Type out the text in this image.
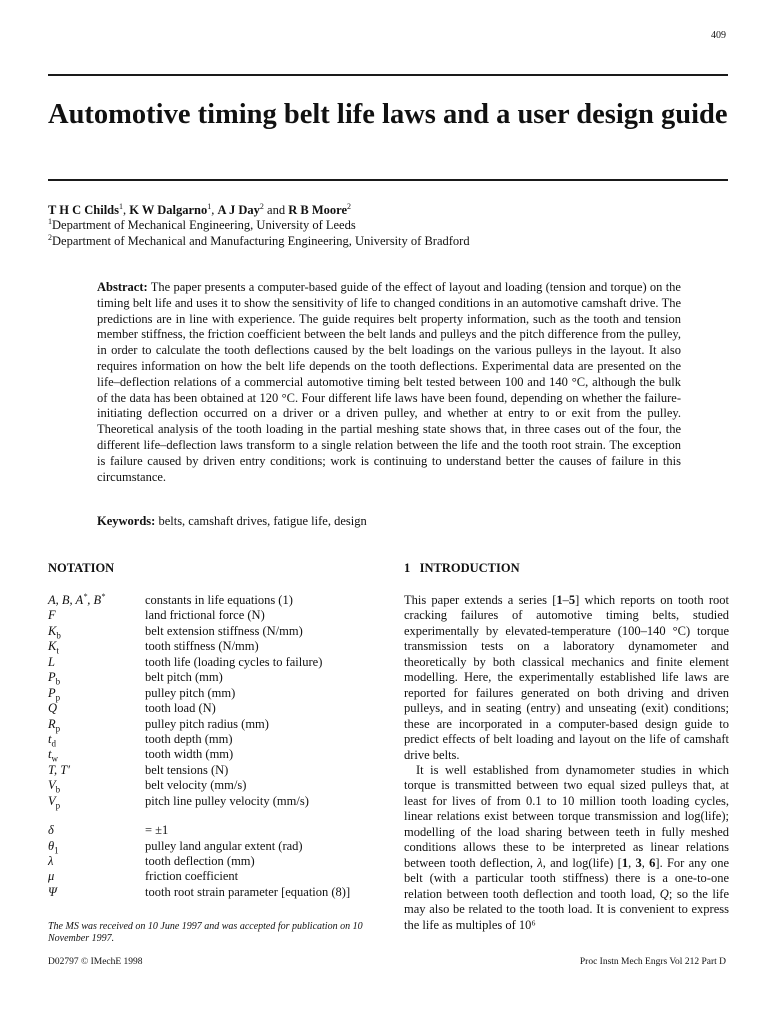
409
Automotive timing belt life laws and a user design guide
T H C Childs$^1$, K W Dalgarno$^1$, A J Day$^2$ and R B Moore$^2$
$^1$Department of Mechanical Engineering, University of Leeds
$^2$Department of Mechanical and Manufacturing Engineering, University of Bradford
Abstract: The paper presents a computer-based guide of the effect of layout and loading (tension and torque) on the timing belt life and uses it to show the sensitivity of life to changed conditions in an automotive camshaft drive. The predictions are in line with experience. The guide requires belt property information, such as the tooth and tension member stiffness, the friction coefficient between the belt lands and pulleys and the pitch difference from the pulley, in order to calculate the tooth deflections caused by the belt loadings on the various pulleys in the layout. It also requires information on how the belt life depends on the tooth deflections. Experimental data are presented on the life–deflection relations of a commercial automotive timing belt tested between 100 and 140 °C, although the bulk of the data has been obtained at 120 °C. Four different life laws have been found, depending on whether the failure-initiating deflection occurred on a driver or a driven pulley, and whether at entry to or exit from the pulley. Theoretical analysis of the tooth loading in the partial meshing state shows that, in three cases out of the four, the different life–deflection laws transform to a single relation between the life and the tooth root strain. The exception is failure caused by driven entry conditions; work is continuing to understand better the causes of failure in this circumstance.
Keywords: belts, camshaft drives, fatigue life, design
NOTATION	1   INTRODUCTION
A, B, A*, B*	constants in life equations (1)
F	land frictional force (N)
$K_b$	belt extension stiffness (N/mm)
$K_t$	tooth stiffness (N/mm)
L	tooth life (loading cycles to failure)
$P_b$	belt pitch (mm)
$P_p$	pulley pitch (mm)
Q	tooth load (N)
$R_p$	pulley pitch radius (mm)
$t_d$	tooth depth (mm)
$t_w$	tooth width (mm)
T, T′	belt tensions (N)
$V_b$	belt velocity (mm/s)
$V_p$	pitch line pulley velocity (mm/s)
δ	= ±1
$\theta_1$	pulley land angular extent (rad)
λ	tooth deflection (mm)
μ	friction coefficient
Ψ	tooth root strain parameter [equation (8)]

This paper extends a series [1–5] which reports on tooth root cracking failures of automotive timing belts, studied experimentally by elevated-temperature (100–140 °C) torque transmission tests on a laboratory dynamometer and theoretically by both classical mechanics and finite element modelling. Here, the experimentally established life laws are reported for failures generated on both driving and driven pulleys, and in seating (entry) and unseating (exit) conditions; these are incorporated in a computer-based design guide to predict effects of belt loading and layout on the life of camshaft drive belts.

It is well established from dynamometer studies in which torque is transmitted between two equal sized pulleys that, at least for lives of from 0.1 to 10 million tooth loading cycles, linear relations exist between torque transmission and log(life); modelling of the load sharing between teeth in fully meshed conditions allows these to be interpreted as linear relations between tooth deflection, λ, and log(life) [1, 3, 6]. For any one belt (with a particular tooth stiffness) there is a one-to-one relation between tooth deflection and tooth load, Q; so the life may also be related to the tooth load. It is convenient to express the life as multiples of 10⁶

The MS was received on 10 June 1997 and was accepted for publication on 10 November 1997.
D02797 © IMechE 1998	Proc Instn Mech Engrs Vol 212 Part D
